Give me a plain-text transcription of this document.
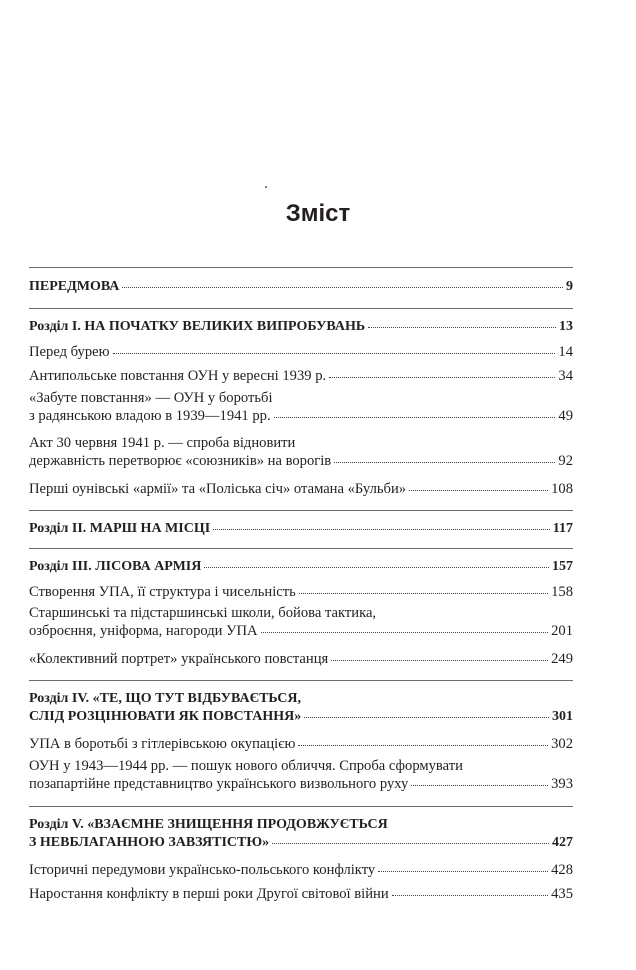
Зміст
ПЕРЕДМОВА	9
Розділ I. НА ПОЧАТКУ ВЕЛИКИХ ВИПРОБУВАНЬ	13
Перед бурею	14
Антипольське повстання ОУН у вересні 1939 р.	34
«Забуте повстання» — ОУН у боротьбі
з радянською владою в 1939—1941 рр.	49
Акт 30 червня 1941 р. — спроба відновити
державність перетворює «союзників» на ворогів	92
Перші оунівські «армії» та «Поліська січ» отамана «Бульби»	108
Розділ II. МАРШ НА МІСЦІ	117
Розділ III. ЛІСОВА АРМІЯ	157
Створення УПА, її структура і чисельність	158
Старшинські та підстаршинські школи, бойова тактика,
озброєння, уніформа, нагороди УПА	201
«Колективний портрет» українського повстанця	249
Розділ IV. «ТЕ, ЩО ТУТ ВІДБУВАЄТЬСЯ,
СЛІД РОЗЦІНЮВАТИ ЯК ПОВСТАННЯ»	301
УПА в боротьбі з гітлерівською окупацією	302
ОУН у 1943—1944 рр. — пошук нового обличчя. Спроба сформувати
позапартійне представництво українського визвольного руху	393
Розділ V. «ВЗАЄМНЕ ЗНИЩЕННЯ ПРОДОВЖУЄТЬСЯ
З НЕВБЛАГАННОЮ ЗАВЗЯТІСТЮ»	427
Історичні передумови українсько-польського конфлікту	428
Наростання конфлікту в перші роки Другої світової війни	435
